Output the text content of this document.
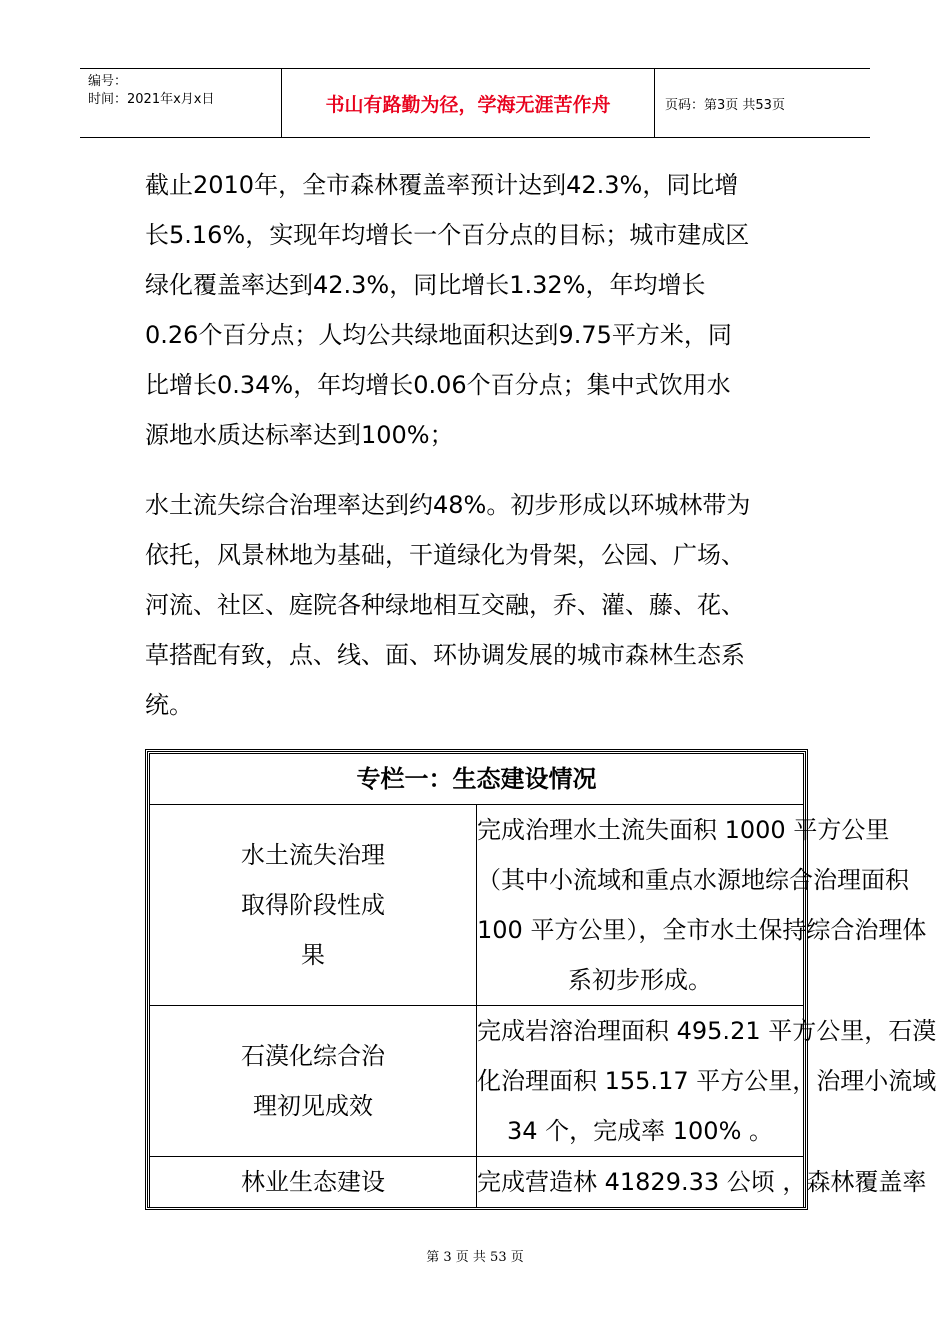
编号：
时间：2021年x月x日	书山有路勤为径，学海无涯苦作舟	页码：第3页 共53页

截止2010年，全市森林覆盖率预计达到42.3%，同比增
长5.16%，实现年均增长一个百分点的目标；城市建成区
绿化覆盖率达到42.3%，同比增长1.32%，年均增长
0.26个百分点；人均公共绿地面积达到9.75平方米，同
比增长0.34%，年均增长0.06个百分点；集中式饮用水
源地水质达标率达到100%；

水土流失综合治理率达到约48%。初步形成以环城林带为
依托，风景林地为基础，干道绿化为骨架，公园、广场、
河流、社区、庭院各种绿地相互交融，乔、灌、藤、花、
草搭配有致，点、线、面、环协调发展的城市森林生态系
统。

专栏一：生态建设情况	

水土流失治理
取得阶段性成
果	完成治理水土流失面积 1000 平方公里
（其中小流域和重点水源地综合治理面积
100 平方公里），全市水土保持综合治理体
系初步形成。

石漠化综合治
理初见成效	完成岩溶治理面积 495.21 平方公里，石漠
化治理面积 155.17 平方公里，治理小流域
34 个，完成率 100% 。

林业生态建设	完成营造林 41829.33 公顷 ，森林覆盖率
第 3 页 共 53 页
